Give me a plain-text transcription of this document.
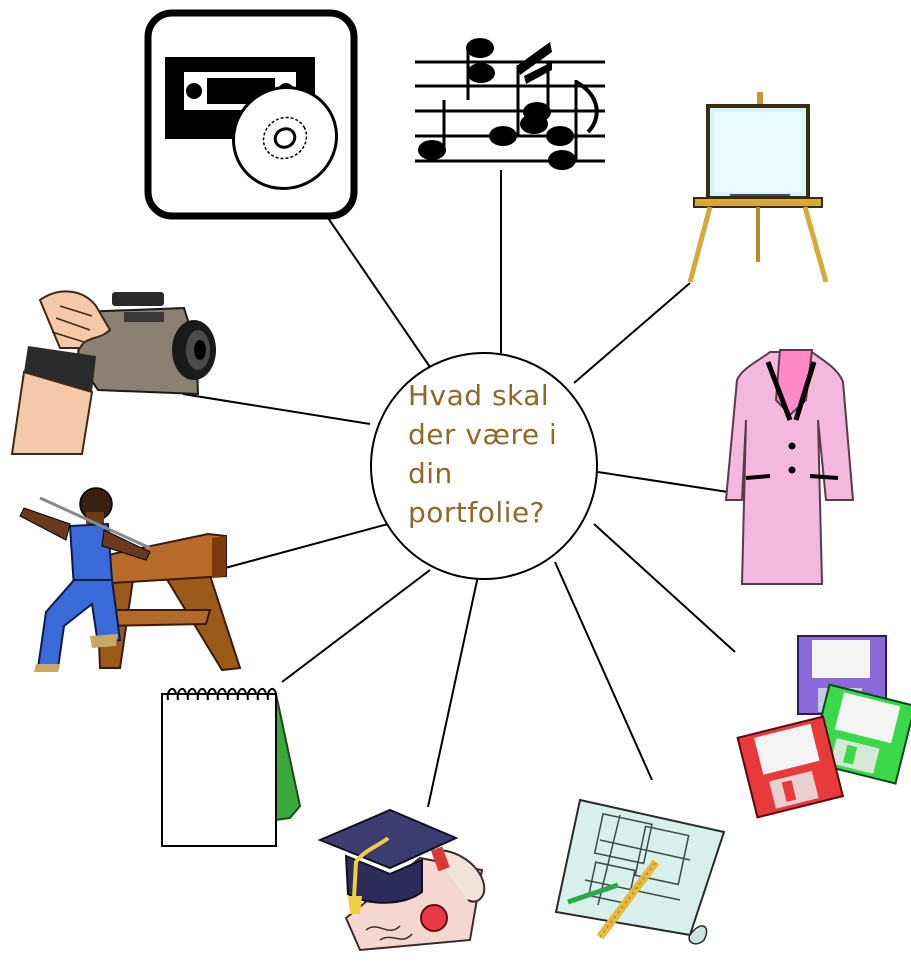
Hvad skal
der være i
din
portfolie?
